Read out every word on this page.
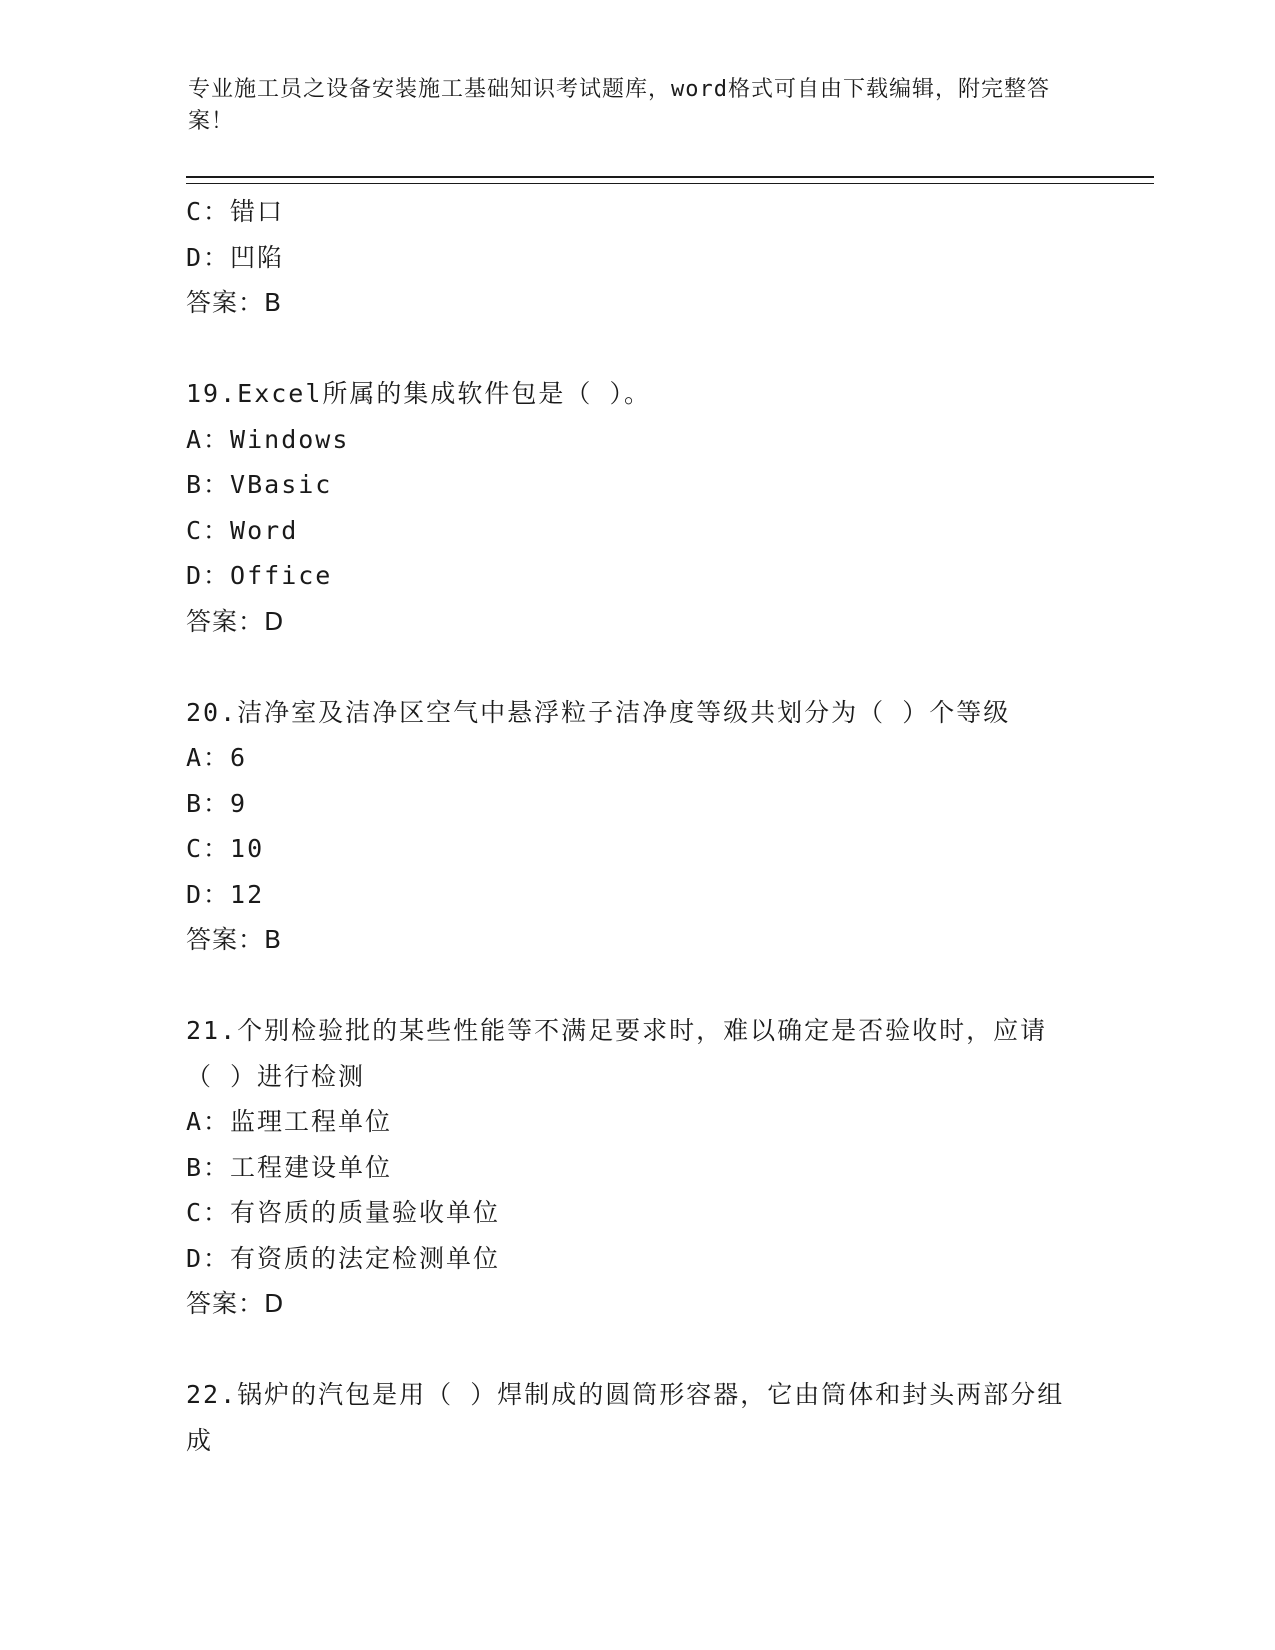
专业施工员之设备安装施工基础知识考试题库，word格式可自由下载编辑，附完整答案！
C：错口
D：凹陷
答案：B
19.Excel所属的集成软件包是（ ）。
A：Windows
B：VBasic
C：Word
D：Office
答案：D
20.洁净室及洁净区空气中悬浮粒子洁净度等级共划分为（ ）个等级
A：6
B：9
C：10
D：12
答案：B
21.个别检验批的某些性能等不满足要求时，难以确定是否验收时，应请（ ）进行检测
A：监理工程单位
B：工程建设单位
C：有咨质的质量验收单位
D：有资质的法定检测单位
答案：D
22.锅炉的汽包是用（ ）焊制成的圆筒形容器，它由筒体和封头两部分组成
